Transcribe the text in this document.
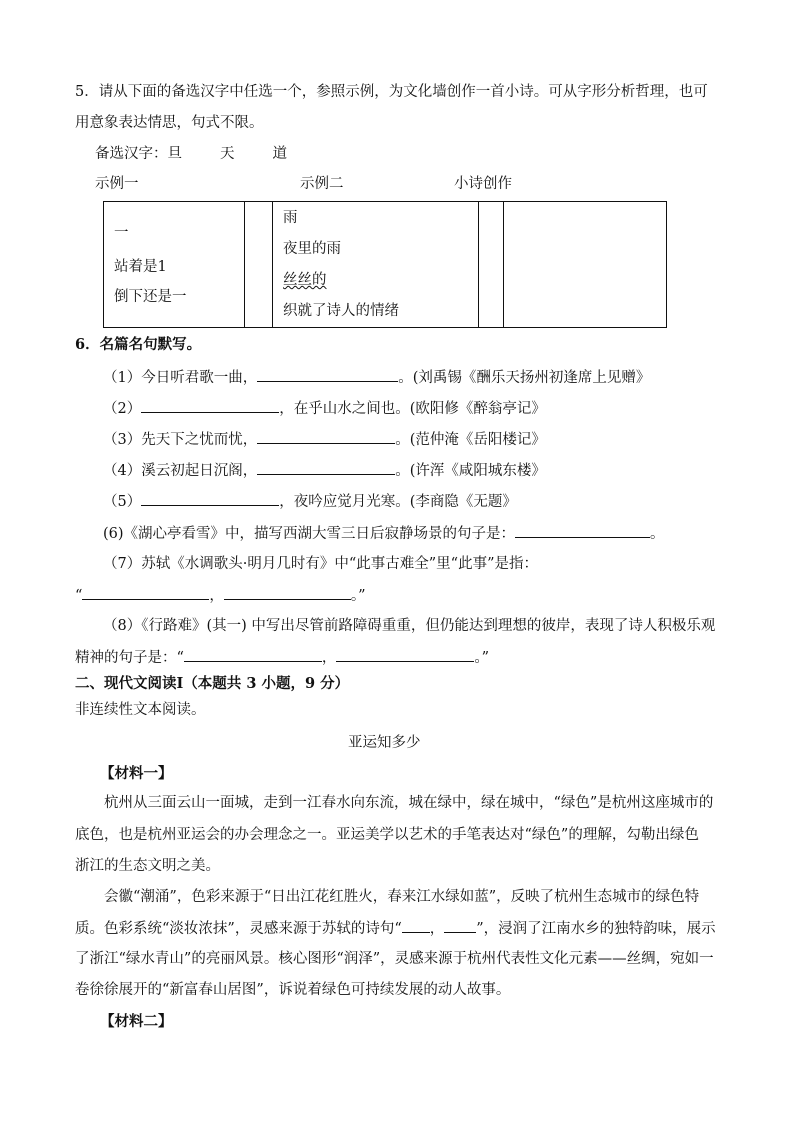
5．请从下面的备选汉字中任选一个，参照示例，为文化墙创作一首小诗。可从字形分析哲理，也可
用意象表达情思，句式不限。
备选汉字：旦	天	道
示例一	示例二	小诗创作
一
站着是1
倒下还是一

雨
夜里的雨
丝丝的
织就了诗人的情绪

6．名篇名句默写。
（1）今日听君歌一曲，	。(刘禹锡《酬乐天扬州初逢席上见赠》
（2）	，在乎山水之间也。(欧阳修《醉翁亭记》
（3）先天下之忧而忧，	。(范仲淹《岳阳楼记》
（4）溪云初起日沉阁，	。(许浑《咸阳城东楼》
（5）	，夜吟应觉月光寒。(李商隐《无题》
(6)《湖心亭看雪》中，描写西湖大雪三日后寂静场景的句子是：	。
（7）苏轼《水调歌头·明月几时有》中“此事古难全”里“此事”是指：
“	，	。”
（8）《行路难》(其一) 中写出尽管前路障碍重重，但仍能达到理想的彼岸，表现了诗人积极乐观
精神的句子是：“	，	。”
二、现代文阅读Ⅰ（本题共 3 小题，9 分）
非连续性文本阅读。
亚运知多少
【材料一】
杭州从三面云山一面城，走到一江春水向东流，城在绿中，绿在城中，“绿色”是杭州这座城市的
底色，也是杭州亚运会的办会理念之一。亚运美学以艺术的手笔表达对“绿色”的理解，勾勒出绿色
浙江的生态文明之美。
会徽“潮涌”，色彩来源于“日出江花红胜火，春来江水绿如蓝”，反映了杭州生态城市的绿色特
质。色彩系统“淡妆浓抹”，灵感来源于苏轼的诗句“ ， ”，浸润了江南水乡的独特韵味，展示
了浙江“绿水青山”的亮丽风景。核心图形“润泽”，灵感来源于杭州代表性文化元素——丝绸，宛如一
卷徐徐展开的“新富春山居图”，诉说着绿色可持续发展的动人故事。
【材料二】
